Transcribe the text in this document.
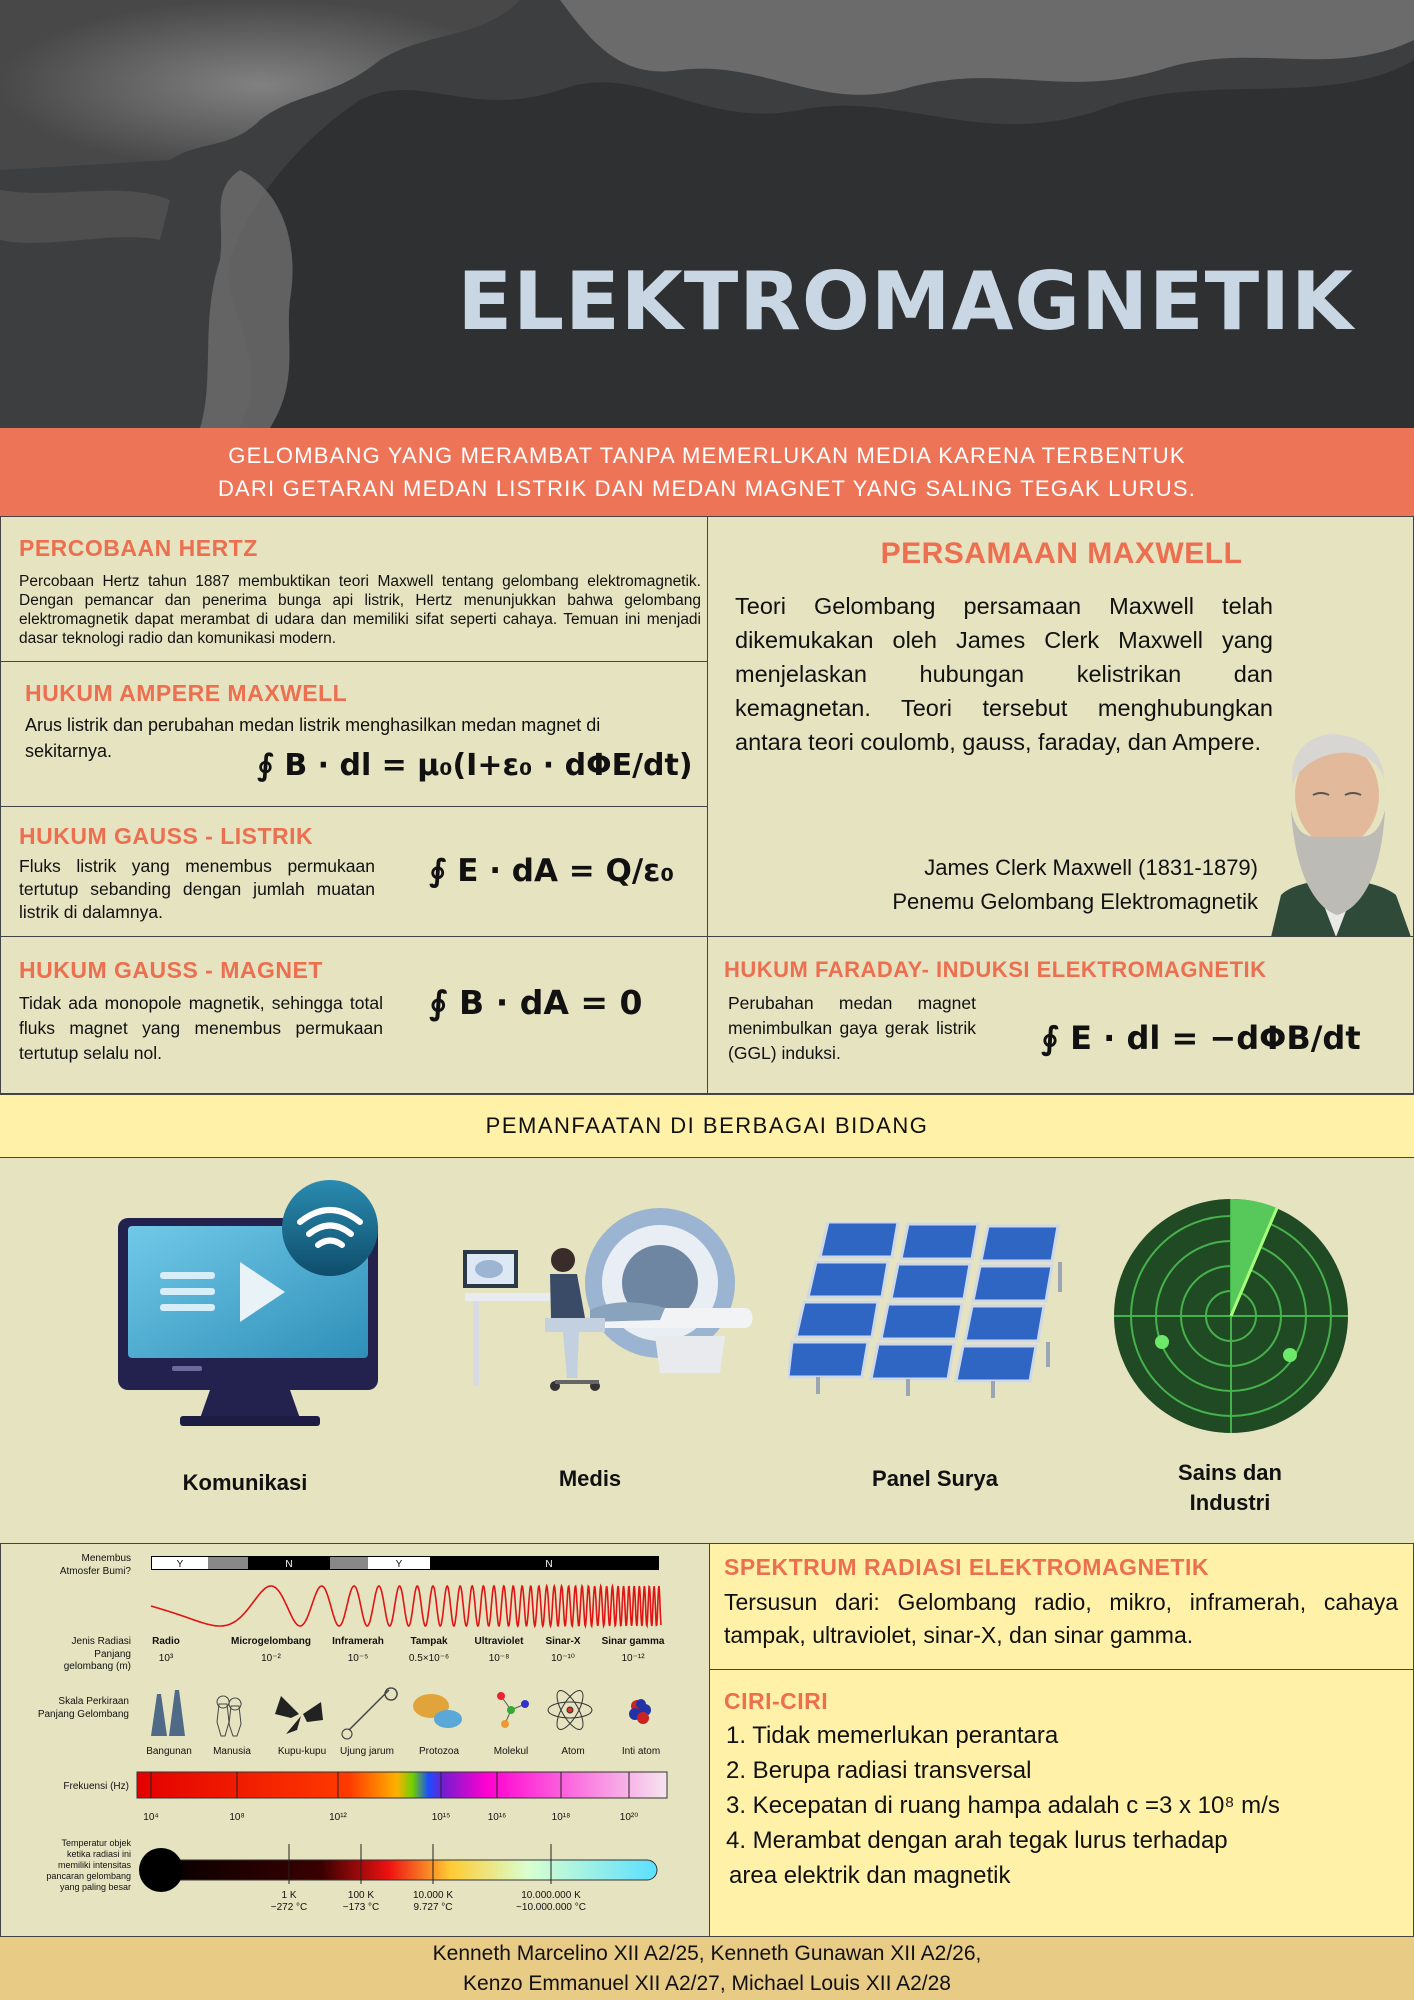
ELEKTROMAGNETIK
GELOMBANG YANG MERAMBAT TANPA MEMERLUKAN MEDIA KARENA TERBENTUK
DARI GETARAN MEDAN LISTRIK DAN MEDAN MAGNET YANG SALING TEGAK LURUS.
PERCOBAAN HERTZ
Percobaan Hertz tahun 1887 membuktikan teori Maxwell tentang gelombang elektromagnetik. Dengan pemancar dan penerima bunga api listrik, Hertz menunjukkan bahwa gelombang elektromagnetik dapat merambat di udara dan memiliki sifat seperti cahaya. Temuan ini menjadi dasar teknologi radio dan komunikasi modern.
HUKUM AMPERE MAXWELL
Arus listrik dan perubahan medan listrik menghasilkan medan magnet di sekitarnya.	∮ B · dl = μ₀(I+ε₀ · dΦE/dt)
HUKUM GAUSS - LISTRIK
Fluks listrik yang menembus permukaan tertutup sebanding dengan jumlah muatan listrik di dalamnya.
∮ E · dA = Q/ε₀
HUKUM GAUSS - MAGNET
Tidak ada monopole magnetik, sehingga total fluks magnet yang menembus permukaan tertutup selalu nol.
∮ B · dA = 0
PERSAMAAN MAXWELL
Teori Gelombang persamaan Maxwell telah dikemukakan oleh James Clerk Maxwell yang menjelaskan hubungan kelistrikan dan kemagnetan. Teori tersebut menghubungkan antara teori coulomb, gauss, faraday, dan Ampere.
James Clerk Maxwell (1831-1879)
Penemu Gelombang Elektromagnetik
HUKUM FARADAY- INDUKSI ELEKTROMAGNETIK
Perubahan medan magnet menimbulkan gaya gerak listrik (GGL) induksi.	∮ E · dl = −dΦB/dt
PEMANFAATAN DI BERBAGAI BIDANG
Komunikasi	Medis	Panel Surya	Sains dan
Industri
Menembus
Atmosfer Bumi?
Y	N	Y	N
Jenis Radiasi
Panjang
gelombang (m)
Radio	Microgelombang Inframerah	Tampak	Ultraviolet Sinar-X Sinar gamma
10³	10⁻²	10⁻⁵	0.5×10⁻⁶	10⁻⁸	10⁻¹⁰	10⁻¹²
Skala Perkiraan
Panjang Gelombang
Bangunan Manusia	Kupu-kupu Ujung jarum	Protozoa	Molekul	Atom	Inti atom
Frekuensi (Hz)
10⁴	10⁸	10¹²	10¹⁵	10¹⁶	10¹⁸	10²⁰
Temperatur objek
ketika radiasi ini
memiliki intensitas
pancaran gelombang
yang paling besar
1 K
−272 °C
100 K
−173 °C
10.000 K
9.727 °C
10.000.000 K
~10.000.000 °C
SPEKTRUM RADIASI ELEKTROMAGNETIK
Tersusun dari: Gelombang radio, mikro, inframerah, cahaya tampak, ultraviolet, sinar-X, dan sinar gamma.
CIRI-CIRI
1. Tidak memerlukan perantara
2. Berupa radiasi transversal
3. Kecepatan di ruang hampa adalah c =3 x 10⁸ m/s
4. Merambat dengan arah tegak lurus terhadap
area elektrik dan magnetik
Kenneth Marcelino XII A2/25, Kenneth Gunawan XII A2/26,
Kenzo Emmanuel XII A2/27, Michael Louis XII A2/28
